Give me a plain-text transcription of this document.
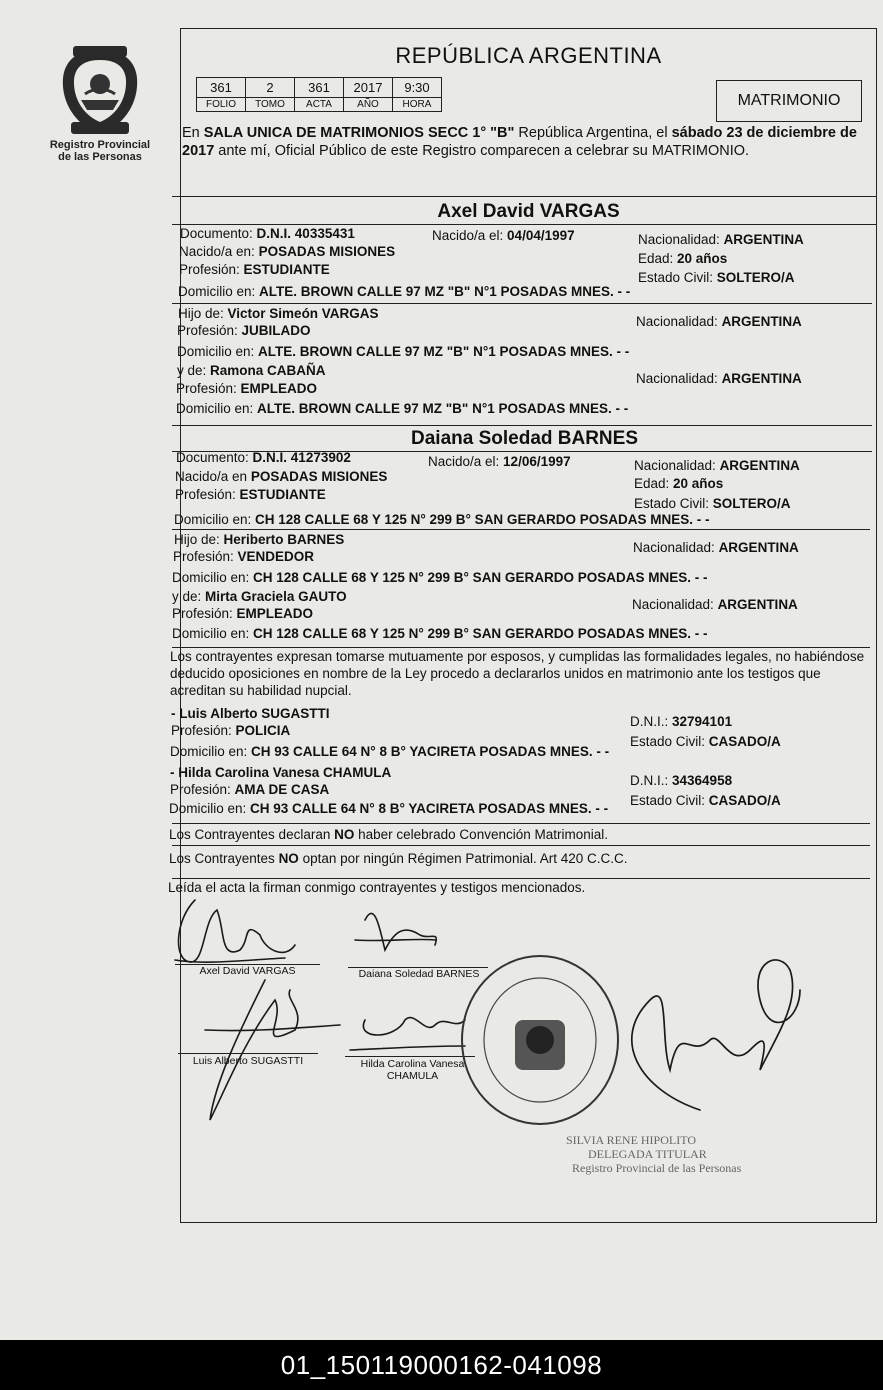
Registro Provincial
de las Personas
REPÚBLICA ARGENTINA
361	2	361	2017	9:30
FOLIO	TOMO	ACTA	AÑO	HORA	MATRIMONIO
En SALA UNICA DE MATRIMONIOS SECC 1° "B" República Argentina, el sábado 23 de diciembre de 2017 ante mí, Oficial Público de este Registro comparecen a celebrar su MATRIMONIO.
Axel David VARGAS
Documento: D.N.I. 40335431	Nacido/a el: 04/04/1997	Nacionalidad: ARGENTINA
Nacido/a en: POSADAS MISIONES	Edad: 20 años
Profesión: ESTUDIANTE
Estado Civil: SOLTERO/A
Domicilio en: ALTE. BROWN CALLE 97 MZ "B" N°1 POSADAS MNES. - -
Hijo de: Victor Simeón VARGAS
Nacionalidad: ARGENTINA
Profesión: JUBILADO
Domicilio en: ALTE. BROWN CALLE 97 MZ "B" N°1 POSADAS MNES. - -
y de: Ramona CABAÑA
Nacionalidad: ARGENTINA
Profesión: EMPLEADO
Domicilio en: ALTE. BROWN CALLE 97 MZ "B" N°1 POSADAS MNES. - -
Daiana Soledad BARNES
Documento: D.N.I. 41273902	Nacido/a el: 12/06/1997	Nacionalidad: ARGENTINA
Nacido/a en POSADAS MISIONES	Edad: 20 años
Profesión: ESTUDIANTE
Estado Civil: SOLTERO/A
Domicilio en: CH 128 CALLE 68 Y 125 N° 299 B° SAN GERARDO POSADAS MNES. - -
Hijo de: Heriberto BARNES
Nacionalidad: ARGENTINA
Profesión: VENDEDOR
Domicilio en: CH 128 CALLE 68 Y 125 N° 299 B° SAN GERARDO POSADAS MNES. - -
y de: Mirta Graciela GAUTO
Nacionalidad: ARGENTINA
Profesión: EMPLEADO
Domicilio en: CH 128 CALLE 68 Y 125 N° 299 B° SAN GERARDO POSADAS MNES. - -
Los contrayentes expresan tomarse mutuamente por esposos, y cumplidas las formalidades legales, no habiéndose deducido oposiciones en nombre de la Ley procedo a declararlos unidos en matrimonio ante los testigos que acreditan su habilidad nupcial.
- Luis Alberto SUGASTTI
D.N.I.: 32794101
Profesión: POLICIA
Estado Civil: CASADO/A
Domicilio en: CH 93 CALLE 64 N° 8 B° YACIRETA POSADAS MNES. - -
- Hilda Carolina Vanesa CHAMULA
D.N.I.: 34364958
Profesión: AMA DE CASA
Estado Civil: CASADO/A
Domicilio en: CH 93 CALLE 64 N° 8 B° YACIRETA POSADAS MNES. - -
Los Contrayentes declaran NO haber celebrado Convención Matrimonial.
Los Contrayentes NO optan por ningún Régimen Patrimonial. Art 420 C.C.C.
Leída el acta la firman conmigo contrayentes y testigos mencionados.
Axel David VARGAS	Daiana Soledad BARNES
Luis Alberto SUGASTTI	Hilda Carolina Vanesa CHAMULA
SILVIA RENE HIPOLITO
DELEGADA TITULAR
Registro Provincial de las Personas
01_150119000162-041098
